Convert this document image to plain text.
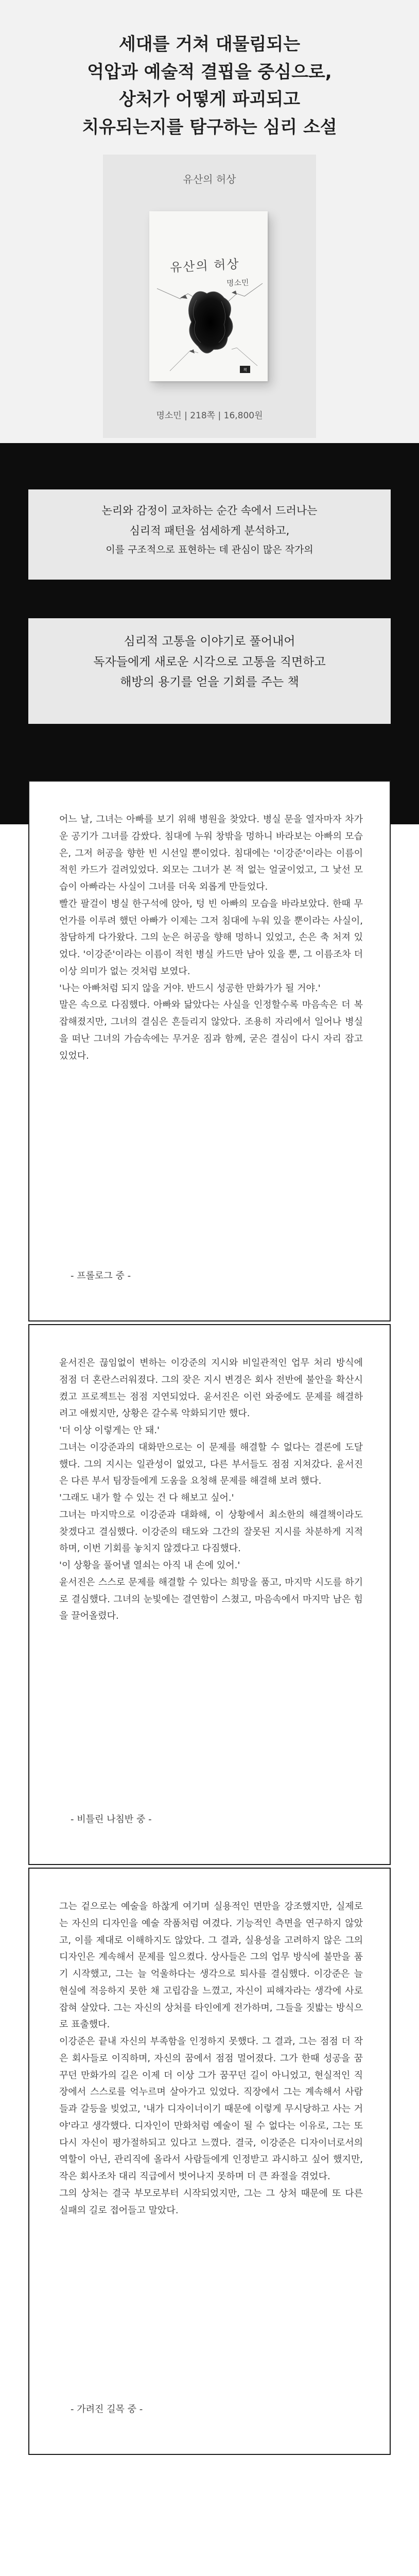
세대를 거쳐 대물림되는
억압과 예술적 결핍을 중심으로,
상처가 어떻게 파괴되고
치유되는지를 탐구하는 심리 소설
유산의 허상
책
유산의 허상
명소민
명소민 | 218쪽 | 16,800원
논리와 감정이 교차하는 순간 속에서 드러나는
심리적 패턴을 섬세하게 분석하고,
이를 구조적으로 표현하는 데 관심이 많은 작가의
심리적 고통을 이야기로 풀어내어
독자들에게 새로운 시각으로 고통을 직면하고
해방의 용기를 얻을 기회를 주는 책

어느 날, 그녀는 아빠를 보기 위해 병원을 찾았다. 병실 문을 열자마자 차가운 공기가 그녀를 감쌌다. 침대에 누워 창밖을 멍하니 바라보는 아빠의 모습은, 그저 허공을 향한 빈 시선일 뿐이었다. 침대에는 '이강준'이라는 이름이 적힌 카드가 걸려있었다. 외모는 그녀가 본 적 없는 얼굴이었고, 그 낯선 모습이 아빠라는 사실이 그녀를 더욱 외롭게 만들었다.

빨간 팔걸이 병실 한구석에 앉아, 텅 빈 아빠의 모습을 바라보았다. 한때 무언가를 이루려 했던 아빠가 이제는 그저 침대에 누워 있을 뿐이라는 사실이, 참담하게 다가왔다. 그의 눈은 허공을 향해 멍하니 있었고, 손은 축 처져 있었다. '이강준'이라는 이름이 적힌 병실 카드만 남아 있을 뿐, 그 이름조차 더 이상 의미가 없는 것처럼 보였다.

'나는 아빠처럼 되지 않을 거야. 반드시 성공한 만화가가 될 거야.'

말은 속으로 다짐했다. 아빠와 닮았다는 사실을 인정할수록 마음속은 더 복잡해졌지만, 그녀의 결심은 흔들리지 않았다. 조용히 자리에서 일어나 병실을 떠난 그녀의 가슴속에는 무거운 짐과 함께, 굳은 결심이 다시 자리 잡고 있었다.

- 프롤로그 중 -

윤서진은 끊임없이 변하는 이강준의 지시와 비일관적인 업무 처리 방식에 점점 더 혼란스러워졌다. 그의 잦은 지시 변경은 회사 전반에 불안을 확산시켰고 프로젝트는 점점 지연되었다. 윤서진은 이런 와중에도 문제를 해결하려고 애썼지만, 상황은 갈수록 악화되기만 했다.

'더 이상 이렇게는 안 돼.'

그녀는 이강준과의 대화만으로는 이 문제를 해결할 수 없다는 결론에 도달했다. 그의 지시는 일관성이 없었고, 다른 부서들도 점점 지쳐갔다. 윤서진은 다른 부서 팀장들에게 도움을 요청해 문제를 해결해 보려 했다.

'그래도 내가 할 수 있는 건 다 해보고 싶어.'

그녀는 마지막으로 이강준과 대화해, 이 상황에서 최소한의 해결책이라도 찾겠다고 결심했다. 이강준의 태도와 그간의 잘못된 지시를 차분하게 지적하며, 이번 기회를 놓치지 않겠다고 다짐했다.

'이 상황을 풀어낼 열쇠는 아직 내 손에 있어.'

윤서진은 스스로 문제를 해결할 수 있다는 희망을 품고, 마지막 시도를 하기로 결심했다. 그녀의 눈빛에는 결연함이 스쳤고, 마음속에서 마지막 남은 힘을 끌어올렸다.

- 비틀린 나침반 중 -

그는 겉으로는 예술을 하찮게 여기며 실용적인 면만을 강조했지만, 실제로는 자신의 디자인을 예술 작품처럼 여겼다. 기능적인 측면을 연구하지 않았고, 이를 제대로 이해하지도 않았다. 그 결과, 실용성을 고려하지 않은 그의 디자인은 계속해서 문제를 일으켰다. 상사들은 그의 업무 방식에 불만을 품기 시작했고, 그는 늘 억울하다는 생각으로 퇴사를 결심했다. 이강준은 늘 현실에 적응하지 못한 채 고립감을 느꼈고, 자신이 피해자라는 생각에 사로잡혀 살았다. 그는 자신의 상처를 타인에게 전가하며, 그들을 짓밟는 방식으로 표출했다.

이강준은 끝내 자신의 부족함을 인정하지 못했다. 그 결과, 그는 점점 더 작은 회사들로 이직하며, 자신의 꿈에서 점점 멀어졌다. 그가 한때 성공을 꿈꾸던 만화가의 길은 이제 더 이상 그가 꿈꾸던 길이 아니었고, 현실적인 직장에서 스스로를 억누르며 살아가고 있었다. 직장에서 그는 계속해서 사람들과 갈등을 빚었고, '내가 디자이너이기 때문에 이렇게 무시당하고 사는 거야'라고 생각했다. 디자인이 만화처럼 예술이 될 수 없다는 이유로, 그는 또다시 자신이 평가절하되고 있다고 느꼈다. 결국, 이강준은 디자이너로서의 역할이 아닌, 관리직에 올라서 사람들에게 인정받고 과시하고 싶어 했지만, 작은 회사조차 대리 직급에서 벗어나지 못하며 더 큰 좌절을 겪었다.

그의 상처는 결국 부모로부터 시작되었지만, 그는 그 상처 때문에 또 다른 실패의 길로 접어들고 말았다.

- 가려진 길목 중 -
